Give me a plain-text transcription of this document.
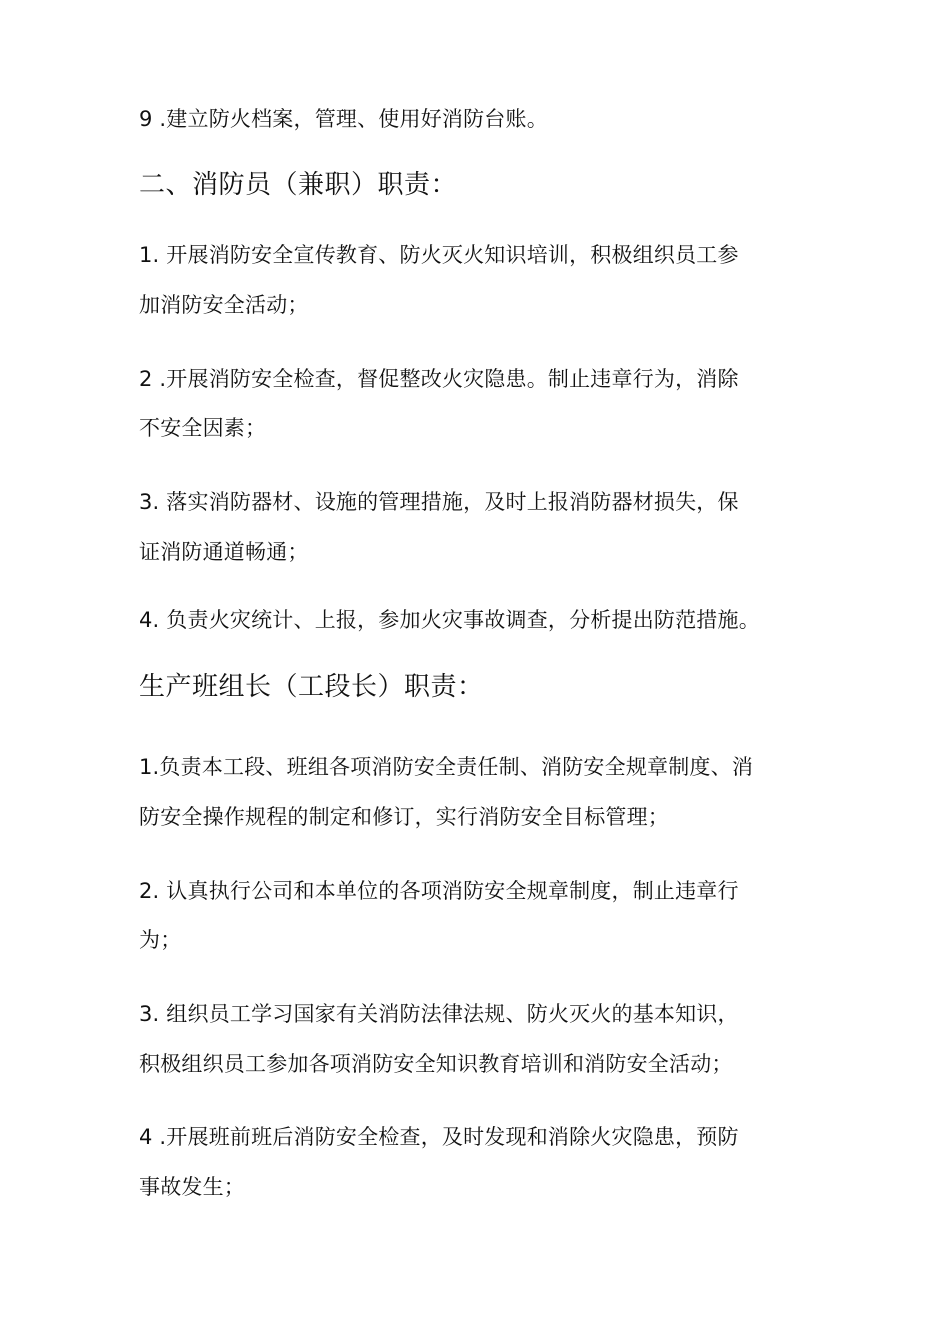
9 .建立防火档案，管理、使用好消防台账。
二、消防员（兼职）职责：
1. 开展消防安全宣传教育、防火灭火知识培训，积极组织员工参
加消防安全活动；
2 .开展消防安全检查，督促整改火灾隐患。制止违章行为，消除
不安全因素；
3. 落实消防器材、设施的管理措施，及时上报消防器材损失，保
证消防通道畅通；
4. 负责火灾统计、上报，参加火灾事故调查，分析提出防范措施。
生产班组长（工段长）职责：
1.负责本工段、班组各项消防安全责任制、消防安全规章制度、消
防安全操作规程的制定和修订，实行消防安全目标管理；
2. 认真执行公司和本单位的各项消防安全规章制度，制止违章行
为；
3. 组织员工学习国家有关消防法律法规、防火灭火的基本知识，
积极组织员工参加各项消防安全知识教育培训和消防安全活动；
4 .开展班前班后消防安全检查，及时发现和消除火灾隐患，预防
事故发生；
